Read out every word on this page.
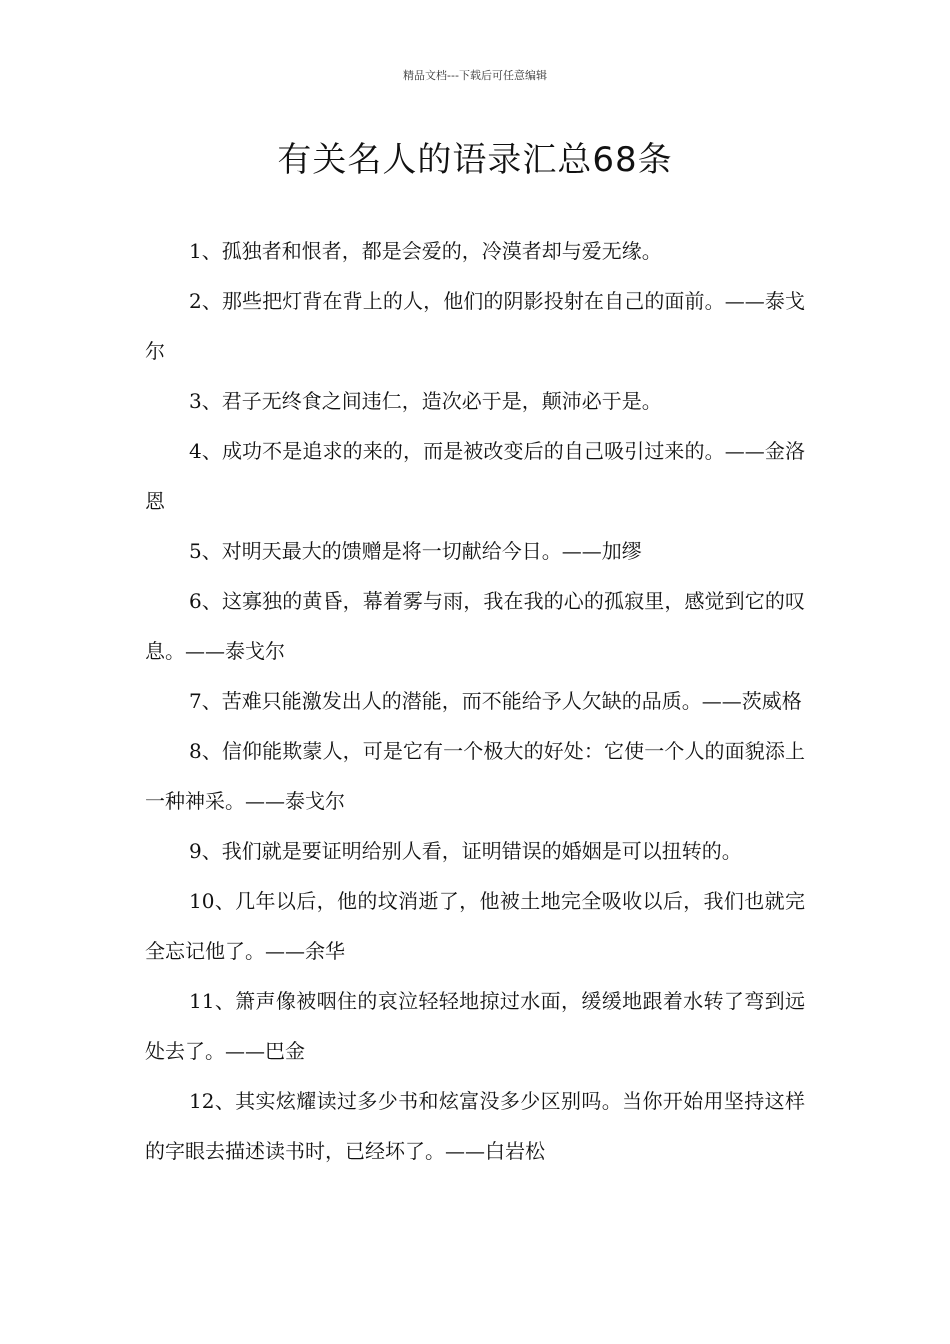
精品文档---下载后可任意编辑
有关名人的语录汇总68条
1、孤独者和恨者，都是会爱的，冷漠者却与爱无缘。
2、那些把灯背在背上的人，他们的阴影投射在自己的面前。——泰戈尔
3、君子无终食之间违仁，造次必于是，颠沛必于是。
4、成功不是追求的来的，而是被改变后的自己吸引过来的。——金洛恩
5、对明天最大的馈赠是将一切献给今日。——加缪
6、这寡独的黄昏，幕着雾与雨，我在我的心的孤寂里，感觉到它的叹息。——泰戈尔
7、苦难只能激发出人的潜能，而不能给予人欠缺的品质。——茨威格
8、信仰能欺蒙人，可是它有一个极大的好处：它使一个人的面貌添上一种神采。——泰戈尔
9、我们就是要证明给别人看，证明错误的婚姻是可以扭转的。
10、几年以后，他的坟消逝了，他被土地完全吸收以后，我们也就完全忘记他了。——余华
11、箫声像被咽住的哀泣轻轻地掠过水面，缓缓地跟着水转了弯到远处去了。——巴金
12、其实炫耀读过多少书和炫富没多少区别吗。当你开始用坚持这样的字眼去描述读书时，已经坏了。——白岩松
